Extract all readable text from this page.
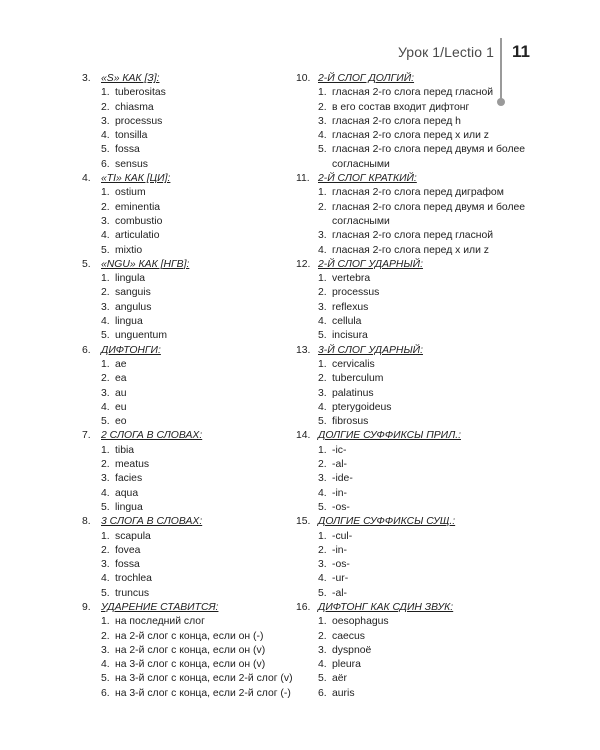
Урок 1/Lectio 1 11
3. «S» КАК [З]:
1. tuberositas
2. chiasma
3. processus
4. tonsilla
5. fossa
6. sensus
4. «TI» КАК [ЦИ]:
1. ostium
2. eminentia
3. combustio
4. articulatio
5. mixtio
5. «NGU» КАК [НГВ]:
1. lingula
2. sanguis
3. angulus
4. lingua
5. unguentum
6. ДИФТОНГИ:
1. ae
2. ea
3. au
4. eu
5. eo
7. 2 СЛОГА В СЛОВАХ:
1. tibia
2. meatus
3. facies
4. aqua
5. lingua
8. 3 СЛОГА В СЛОВАХ:
1. scapula
2. fovea
3. fossa
4. trochlea
5. truncus
9. УДАРЕНИЕ СТАВИТСЯ:
1. на последний слог
2. на 2-й слог с конца, если он (-)
3. на 2-й слог с конца, если он (v)
4. на 3-й слог с конца, если он (v)
5. на 3-й слог с конца, если 2-й слог (v)
6. на 3-й слог с конца, если 2-й слог (-)
10. 2-Й СЛОГ ДОЛГИЙ:
1. гласная 2-го слога перед гласной
2. в его состав входит дифтонг
3. гласная 2-го слога перед h
4. гласная 2-го слога перед x или z
5. гласная 2-го слога перед двумя и более согласными
11. 2-Й СЛОГ КРАТКИЙ:
1. гласная 2-го слога перед диграфом
2. гласная 2-го слога перед двумя и более согласными
3. гласная 2-го слога перед гласной
4. гласная 2-го слога перед x или z
12. 2-Й СЛОГ УДАРНЫЙ:
1. vertebra
2. processus
3. reflexus
4. cellula
5. incisura
13. 3-Й СЛОГ УДАРНЫЙ:
1. cervicalis
2. tuberculum
3. palatinus
4. pterygoideus
5. fibrosus
14. ДОЛГИЕ СУФФИКСЫ ПРИЛ.:
1. -ic-
2. -al-
3. -ide-
4. -in-
5. -os-
15. ДОЛГИЕ СУФФИКСЫ СУЩ.:
1. -cul-
2. -in-
3. -os-
4. -ur-
5. -al-
16. ДИФТОНГ КАК СДИН ЗВУК:
1. oesophagus
2. caecus
3. dyspnoë
4. pleura
5. aër
6. auris
